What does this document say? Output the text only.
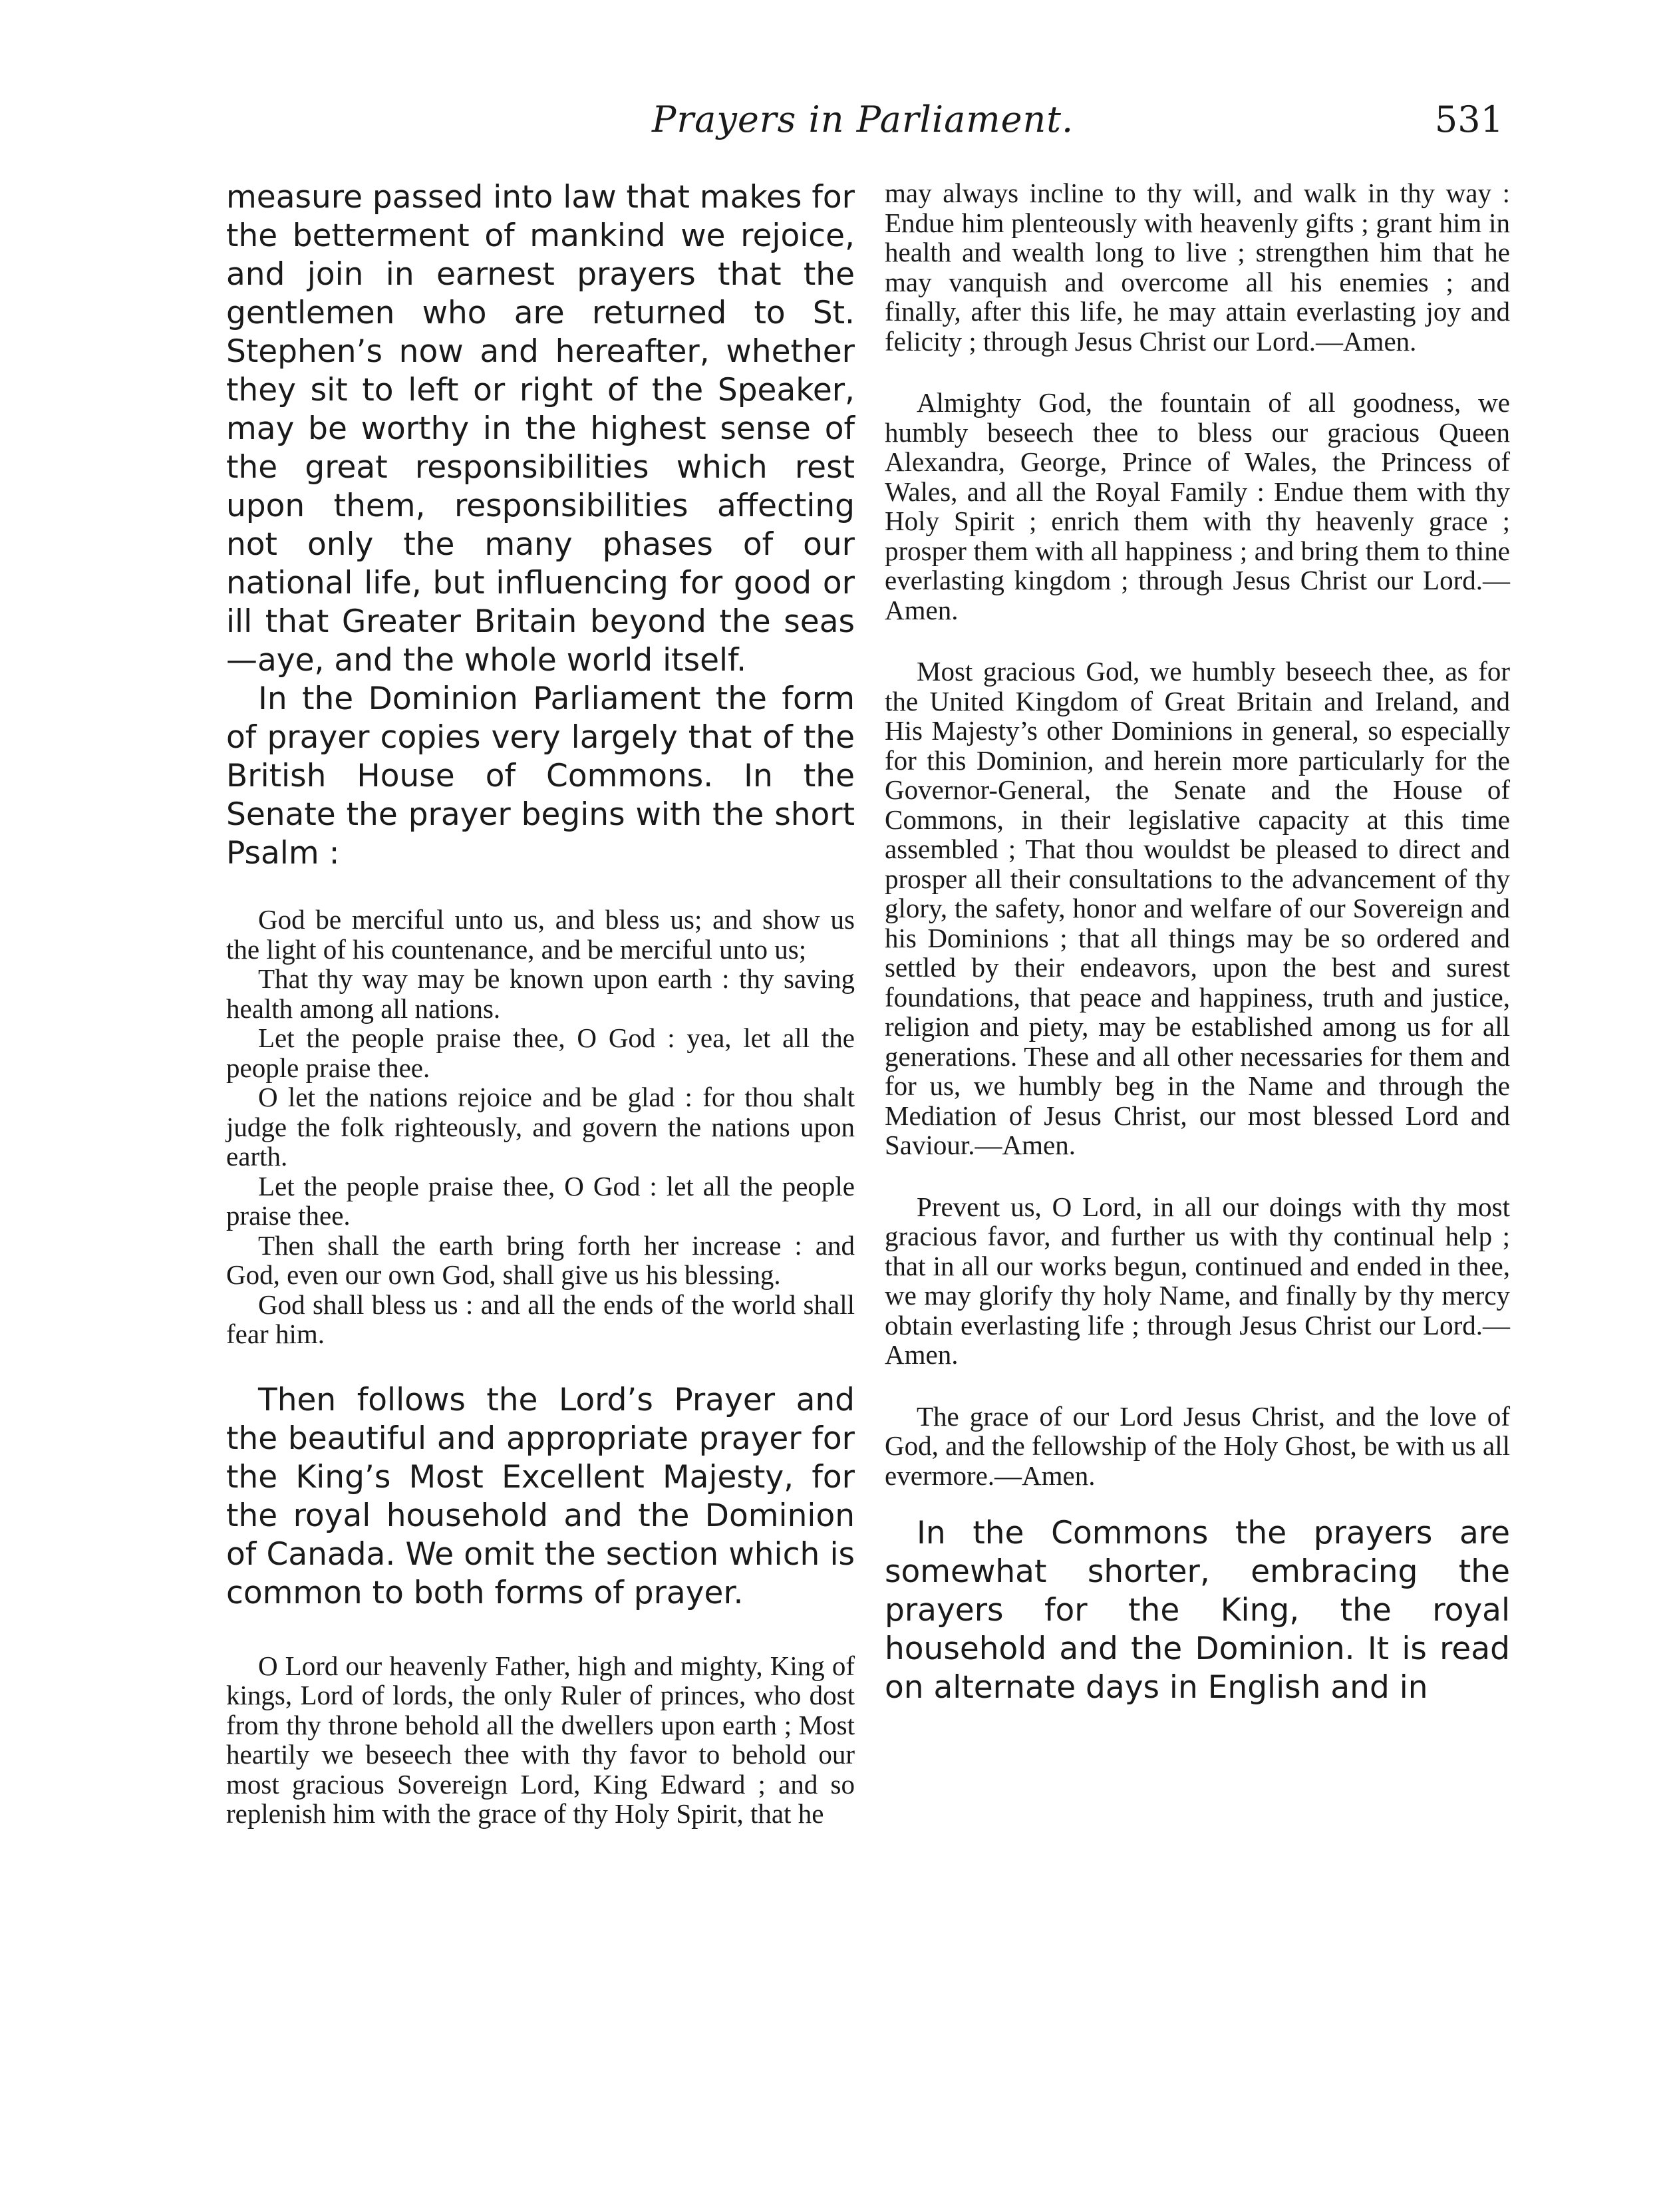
Prayers in Parliament.	531

measure passed into law that makes for the betterment of mankind we rejoice, and join in earnest prayers that the gentlemen who are returned to St. Stephen’s now and hereafter, whether they sit to left or right of the Speaker, may be worthy in the highest sense of the great responsibilities which rest upon them, responsibilities affecting not only the many phases of our national life, but influencing for good or ill that Greater Britain beyond the seas—aye, and the whole world itself.

In the Dominion Parliament the form of prayer copies very largely that of the British House of Commons. In the Senate the prayer begins with the short Psalm :

God be merciful unto us, and bless us; and show us the light of his countenance, and be merciful unto us;

That thy way may be known upon earth : thy saving health among all nations.

Let the people praise thee, O God : yea, let all the people praise thee.

O let the nations rejoice and be glad : for thou shalt judge the folk righteously, and govern the nations upon earth.

Let the people praise thee, O God : let all the people praise thee.

Then shall the earth bring forth her increase : and God, even our own God, shall give us his blessing.

God shall bless us : and all the ends of the world shall fear him.

Then follows the Lord’s Prayer and the beautiful and appropriate prayer for the King’s Most Excellent Majesty, for the royal household and the Dominion of Canada. We omit the section which is common to both forms of prayer.

O Lord our heavenly Father, high and mighty, King of kings, Lord of lords, the only Ruler of princes, who dost from thy throne behold all the dwellers upon earth ; Most heartily we beseech thee with thy favor to behold our most gracious Sovereign Lord, King Edward ; and so replenish him with the grace of thy Holy Spirit, that he

may always incline to thy will, and walk in thy way : Endue him plenteously with heavenly gifts ; grant him in health and wealth long to live ; strengthen him that he may vanquish and overcome all his enemies ; and finally, after this life, he may attain everlasting joy and felicity ; through Jesus Christ our Lord.—Amen.

Almighty God, the fountain of all goodness, we humbly beseech thee to bless our gracious Queen Alexandra, George, Prince of Wales, the Princess of Wales, and all the Royal Family : Endue them with thy Holy Spirit ; enrich them with thy heavenly grace ; prosper them with all happiness ; and bring them to thine everlasting kingdom ; through Jesus Christ our Lord.—Amen.

Most gracious God, we humbly beseech thee, as for the United Kingdom of Great Britain and Ireland, and His Majesty’s other Dominions in general, so especially for this Dominion, and herein more particularly for the Governor-General, the Senate and the House of Commons, in their legislative capacity at this time assembled ; That thou wouldst be pleased to direct and prosper all their consultations to the advancement of thy glory, the safety, honor and welfare of our Sovereign and his Dominions ; that all things may be so ordered and settled by their endeavors, upon the best and surest foundations, that peace and happiness, truth and justice, religion and piety, may be established among us for all generations. These and all other necessaries for them and for us, we humbly beg in the Name and through the Mediation of Jesus Christ, our most blessed Lord and Saviour.—Amen.

Prevent us, O Lord, in all our doings with thy most gracious favor, and further us with thy continual help ; that in all our works begun, continued and ended in thee, we may glorify thy holy Name, and finally by thy mercy obtain everlasting life ; through Jesus Christ our Lord.—Amen.

The grace of our Lord Jesus Christ, and the love of God, and the fellowship of the Holy Ghost, be with us all evermore.—Amen.

In the Commons the prayers are somewhat shorter, embracing the prayers for the King, the royal household and the Dominion. It is read on alternate days in English and in
